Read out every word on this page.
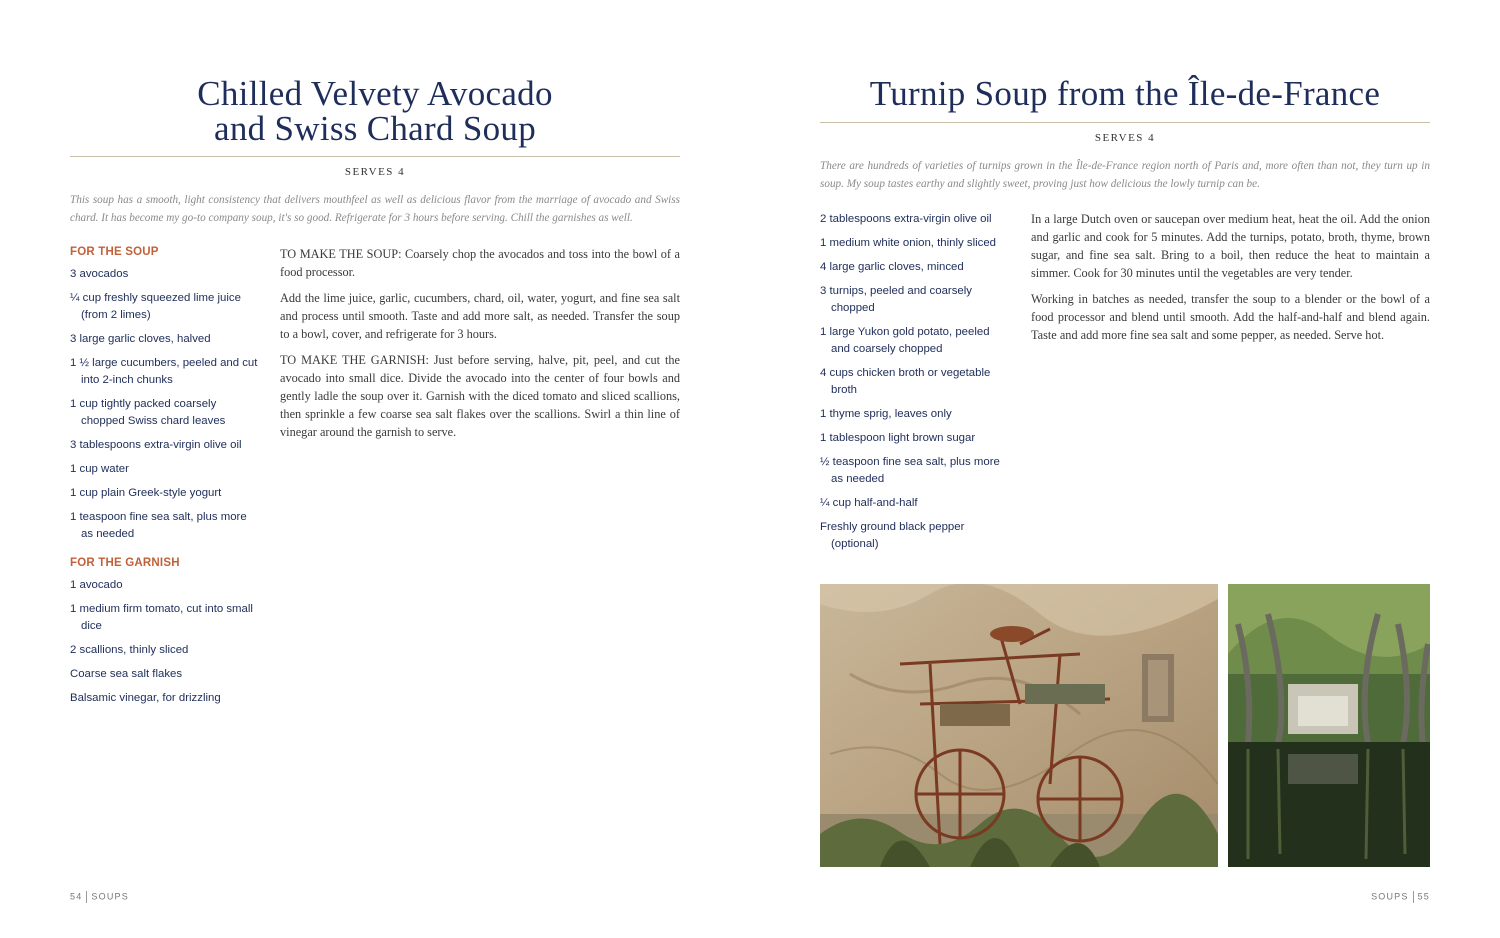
Chilled Velvety Avocado
and Swiss Chard Soup
SERVES 4

This soup has a smooth, light consistency that delivers mouthfeel as well as delicious flavor from the marriage of avocado and Swiss chard. It has become my go-to company soup, it's so good. Refrigerate for 3 hours before serving. Chill the garnishes as well.

FOR THE SOUP
3 avocados
¼ cup freshly squeezed lime juice (from 2 limes)
3 large garlic cloves, halved
1 ½ large cucumbers, peeled and cut into 2-inch chunks
1 cup tightly packed coarsely chopped Swiss chard leaves
3 tablespoons extra-virgin olive oil
1 cup water
1 cup plain Greek-style yogurt
1 teaspoon fine sea salt, plus more as needed
FOR THE GARNISH
1 avocado
1 medium firm tomato, cut into small dice
2 scallions, thinly sliced
Coarse sea salt flakes
Balsamic vinegar, for drizzling

TO MAKE THE SOUP: Coarsely chop the avocados and toss into the bowl of a food processor.

Add the lime juice, garlic, cucumbers, chard, oil, water, yogurt, and fine sea salt and process until smooth. Taste and add more salt, as needed. Transfer the soup to a bowl, cover, and refrigerate for 3 hours.

TO MAKE THE GARNISH: Just before serving, halve, pit, peel, and cut the avocado into small dice. Divide the avocado into the center of four bowls and gently ladle the soup over it. Garnish with the diced tomato and sliced scallions, then sprinkle a few coarse sea salt flakes over the scallions. Swirl a thin line of vinegar around the garnish to serve.

54 SOUPS
Turnip Soup from the Île-de-France
SERVES 4

There are hundreds of varieties of turnips grown in the Île-de-France region north of Paris and, more often than not, they turn up in soup. My soup tastes earthy and slightly sweet, proving just how delicious the lowly turnip can be.

2 tablespoons extra-virgin olive oil
1 medium white onion, thinly sliced
4 large garlic cloves, minced
3 turnips, peeled and coarsely chopped
1 large Yukon gold potato, peeled and coarsely chopped
4 cups chicken broth or vegetable broth
1 thyme sprig, leaves only
1 tablespoon light brown sugar
½ teaspoon fine sea salt, plus more as needed
¼ cup half-and-half
Freshly ground black pepper (optional)

In a large Dutch oven or saucepan over medium heat, heat the oil. Add the onion and garlic and cook for 5 minutes. Add the turnips, potato, broth, thyme, brown sugar, and fine sea salt. Bring to a boil, then reduce the heat to maintain a simmer. Cook for 30 minutes until the vegetables are very tender.

Working in batches as needed, transfer the soup to a blender or the bowl of a food processor and blend until smooth. Add the half-and-half and blend again. Taste and add more fine sea salt and some pepper, as needed. Serve hot.

SOUPS 55
